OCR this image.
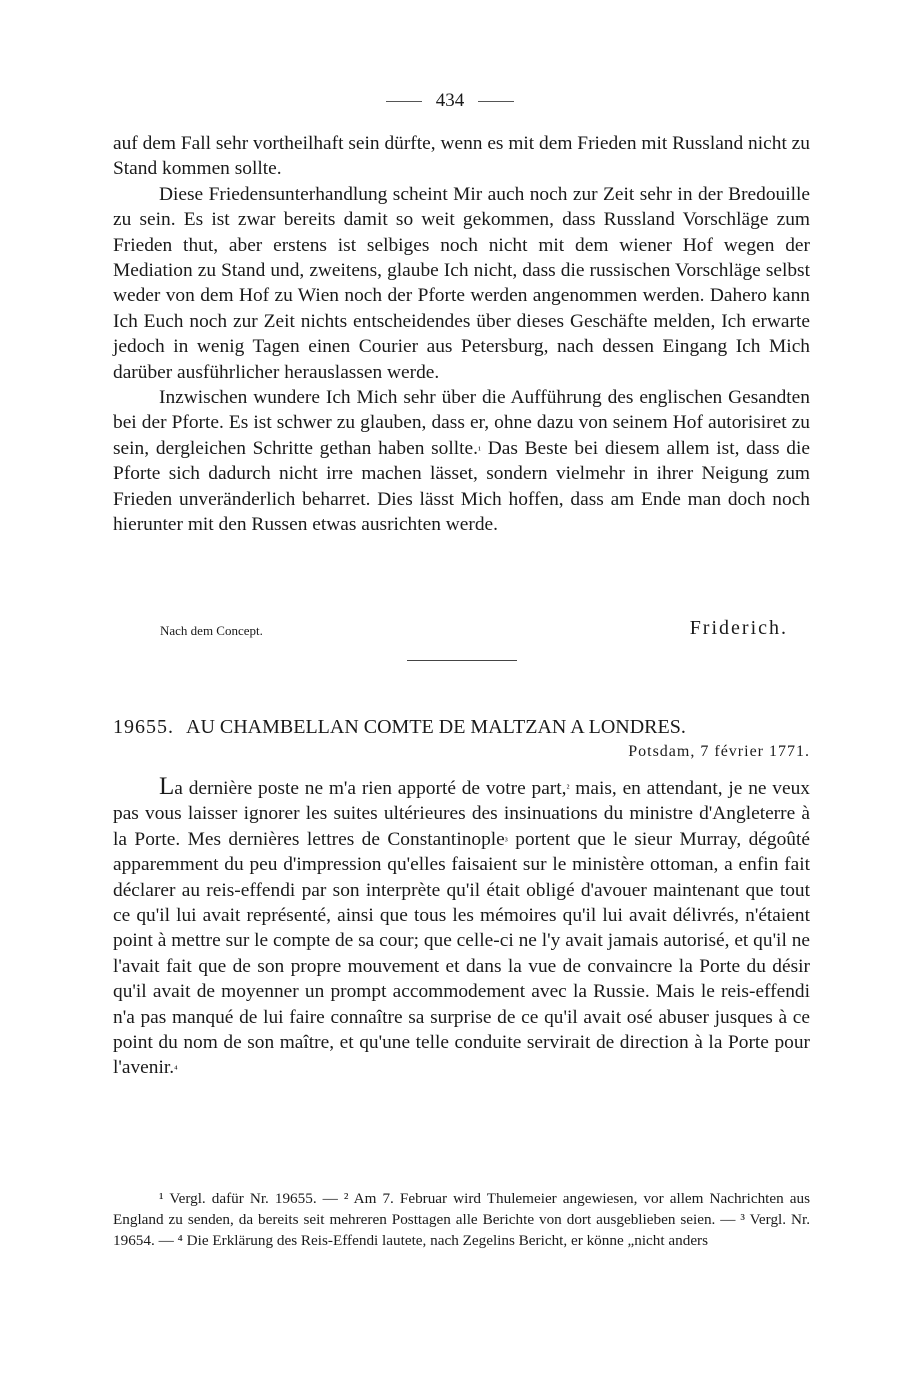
434

auf dem Fall sehr vortheilhaft sein dürfte, wenn es mit dem Frieden mit Russland nicht zu Stand kommen sollte.

Diese Friedensunterhandlung scheint Mir auch noch zur Zeit sehr in der Bredouille zu sein. Es ist zwar bereits damit so weit gekommen, dass Russland Vorschläge zum Frieden thut, aber erstens ist selbiges noch nicht mit dem wiener Hof wegen der Mediation zu Stand und, zweitens, glaube Ich nicht, dass die russischen Vorschläge selbst weder von dem Hof zu Wien noch der Pforte werden angenommen werden. Dahero kann Ich Euch noch zur Zeit nichts entscheidendes über dieses Geschäfte melden, Ich erwarte jedoch in wenig Tagen einen Courier aus Petersburg, nach dessen Eingang Ich Mich darüber ausführlicher herauslassen werde.

Inzwischen wundere Ich Mich sehr über die Aufführung des englischen Gesandten bei der Pforte. Es ist schwer zu glauben, dass er, ohne dazu von seinem Hof autorisiret zu sein, dergleichen Schritte gethan haben sollte.$^{^1}$ Das Beste bei diesem allem ist, dass die Pforte sich dadurch nicht irre machen lässet, sondern vielmehr in ihrer Neigung zum Frieden unveränderlich beharret. Dies lässt Mich hoffen, dass am Ende man doch noch hierunter mit den Russen etwas ausrichten werde.

Nach dem Concept.	Friderich.
19655. AU CHAMBELLAN COMTE DE MALTZAN A LONDRES.
Potsdam, 7 février 1771.

La dernière poste ne m'a rien apporté de votre part,$^{^2}$ mais, en attendant, je ne veux pas vous laisser ignorer les suites ultérieures des insinuations du ministre d'Angleterre à la Porte. Mes dernières lettres de Constantinople$^{^3}$ portent que le sieur Murray, dégoûté apparemment du peu d'impression qu'elles faisaient sur le ministère ottoman, a enfin fait déclarer au reis-effendi par son interprète qu'il était obligé d'avouer maintenant que tout ce qu'il lui avait représenté, ainsi que tous les mémoires qu'il lui avait délivrés, n'étaient point à mettre sur le compte de sa cour; que celle-ci ne l'y avait jamais autorisé, et qu'il ne l'avait fait que de son propre mouvement et dans la vue de convaincre la Porte du désir qu'il avait de moyenner un prompt accommodement avec la Russie. Mais le reis-effendi n'a pas manqué de lui faire connaître sa surprise de ce qu'il avait osé abuser jusques à ce point du nom de son maître, et qu'une telle conduite servirait de direction à la Porte pour l'avenir.$^{^4}$

¹ Vergl. dafür Nr. 19655. — ² Am 7. Februar wird Thulemeier angewiesen, vor allem Nachrichten aus England zu senden, da bereits seit mehreren Posttagen alle Berichte von dort ausgeblieben seien. — ³ Vergl. Nr. 19654. — ⁴ Die Erklärung des Reis-Effendi lautete, nach Zegelins Bericht, er könne „nicht anders
